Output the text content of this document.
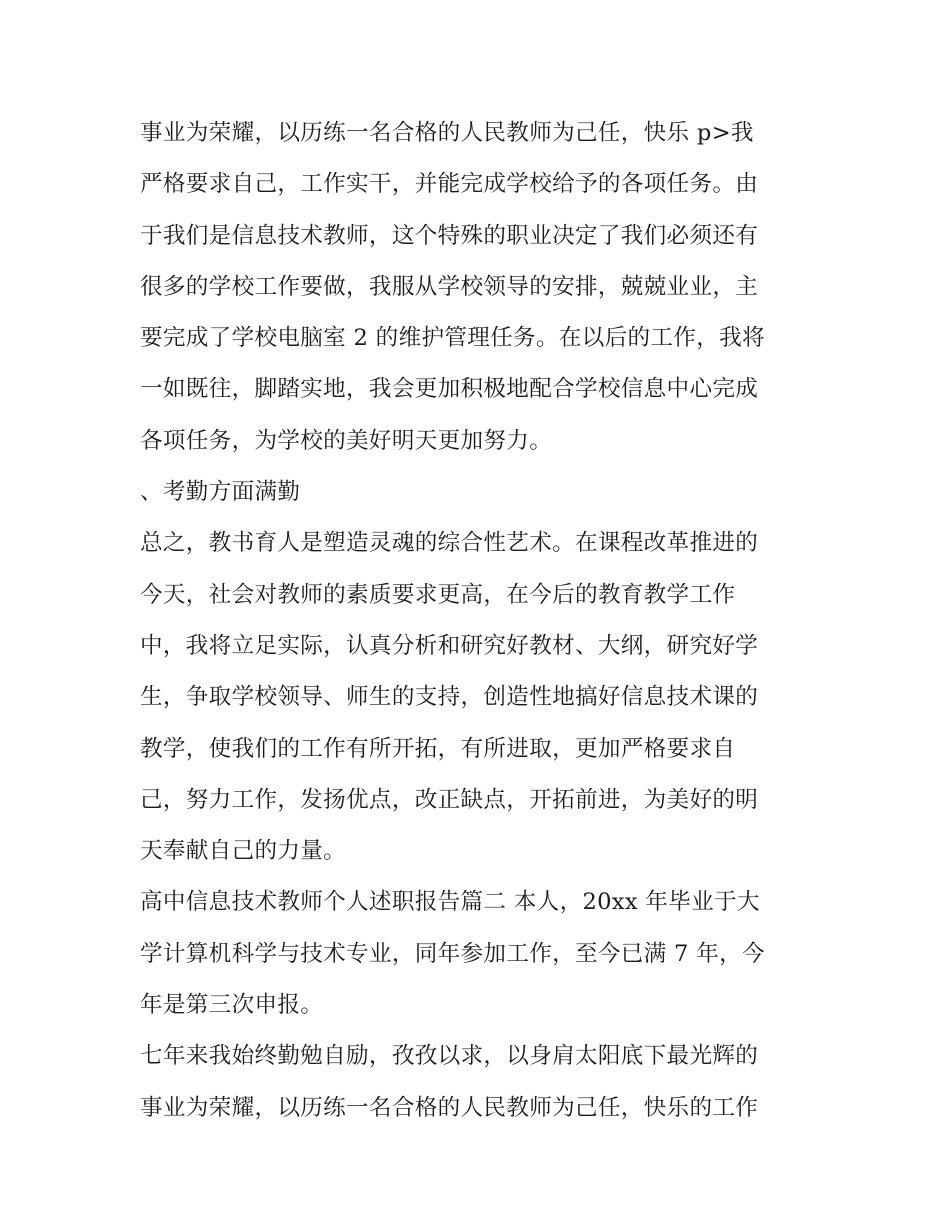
事业为荣耀，以历练一名合格的人民教师为己任，快乐 p>我
严格要求自己，工作实干，并能完成学校给予的各项任务。由
于我们是信息技术教师，这个特殊的职业决定了我们必须还有
很多的学校工作要做，我服从学校领导的安排，兢兢业业，主
要完成了学校电脑室 2 的维护管理任务。在以后的工作，我将
一如既往，脚踏实地，我会更加积极地配合学校信息中心完成
各项任务，为学校的美好明天更加努力。
、考勤方面满勤
总之，教书育人是塑造灵魂的综合性艺术。在课程改革推进的
今天，社会对教师的素质要求更高，在今后的教育教学工作
中，我将立足实际，认真分析和研究好教材、大纲，研究好学
生，争取学校领导、师生的支持，创造性地搞好信息技术课的
教学，使我们的工作有所开拓，有所进取，更加严格要求自
己，努力工作，发扬优点，改正缺点，开拓前进，为美好的明
天奉献自己的力量。
高中信息技术教师个人述职报告篇二 本人，20xx 年毕业于大
学计算机科学与技术专业，同年参加工作，至今已满 7 年，今
年是第三次申报。
七年来我始终勤勉自励，孜孜以求，以身肩太阳底下最光辉的
事业为荣耀，以历练一名合格的人民教师为己任，快乐的工作
